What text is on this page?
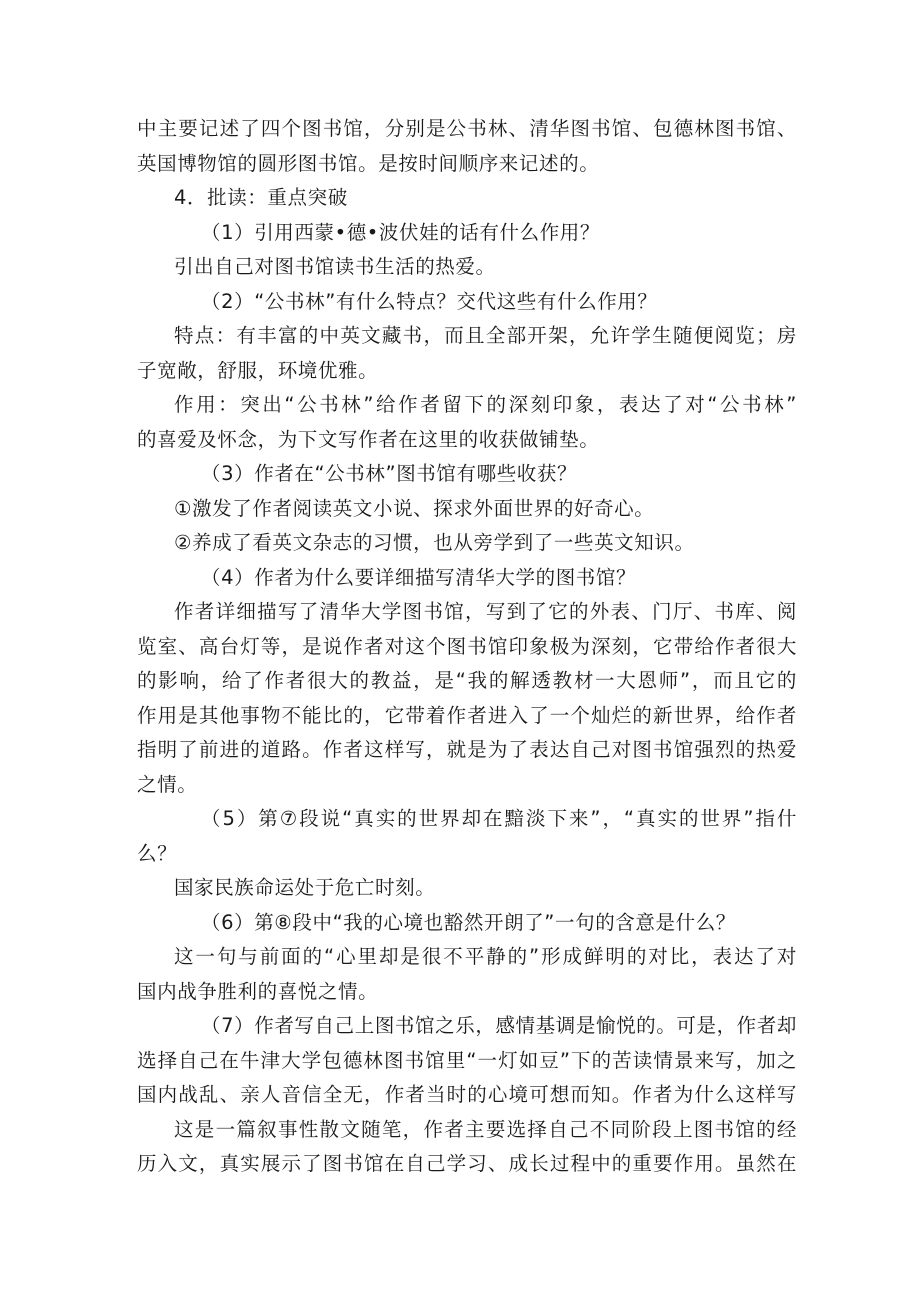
中主要记述了四个图书馆，分别是公书林、清华图书馆、包德林图书馆、
英国博物馆的圆形图书馆。是按时间顺序来记述的。
4．批读：重点突破
（1）引用西蒙•德•波伏娃的话有什么作用？
引出自己对图书馆读书生活的热爱。
（2）“公书林”有什么特点？交代这些有什么作用？
特点：有丰富的中英文藏书，而且全部开架，允许学生随便阅览；房
子宽敞，舒服，环境优雅。
作用：突出“公书林”给作者留下的深刻印象，表达了对“公书林”
的喜爱及怀念，为下文写作者在这里的收获做铺垫。
（3）作者在“公书林”图书馆有哪些收获？
①激发了作者阅读英文小说、探求外面世界的好奇心。
②养成了看英文杂志的习惯，也从旁学到了一些英文知识。
（4）作者为什么要详细描写清华大学的图书馆？
作者详细描写了清华大学图书馆，写到了它的外表、门厅、书库、阅
览室、高台灯等，是说作者对这个图书馆印象极为深刻，它带给作者很大
的影响，给了作者很大的教益，是“我的解透教材一大恩师”，而且它的
作用是其他事物不能比的，它带着作者进入了一个灿烂的新世界，给作者
指明了前进的道路。作者这样写，就是为了表达自己对图书馆强烈的热爱
之情。
（5）第⑦段说“真实的世界却在黯淡下来”，“真实的世界”指什
么？
国家民族命运处于危亡时刻。
（6）第⑧段中“我的心境也豁然开朗了”一句的含意是什么？
这一句与前面的“心里却是很不平静的”形成鲜明的对比，表达了对
国内战争胜利的喜悦之情。
（7）作者写自己上图书馆之乐，感情基调是愉悦的。可是，作者却
选择自己在牛津大学包德林图书馆里“一灯如豆”下的苦读情景来写，加之
国内战乱、亲人音信全无，作者当时的心境可想而知。作者为什么这样写
这是一篇叙事性散文随笔，作者主要选择自己不同阶段上图书馆的经
历入文，真实展示了图书馆在自己学习、成长过程中的重要作用。虽然在
